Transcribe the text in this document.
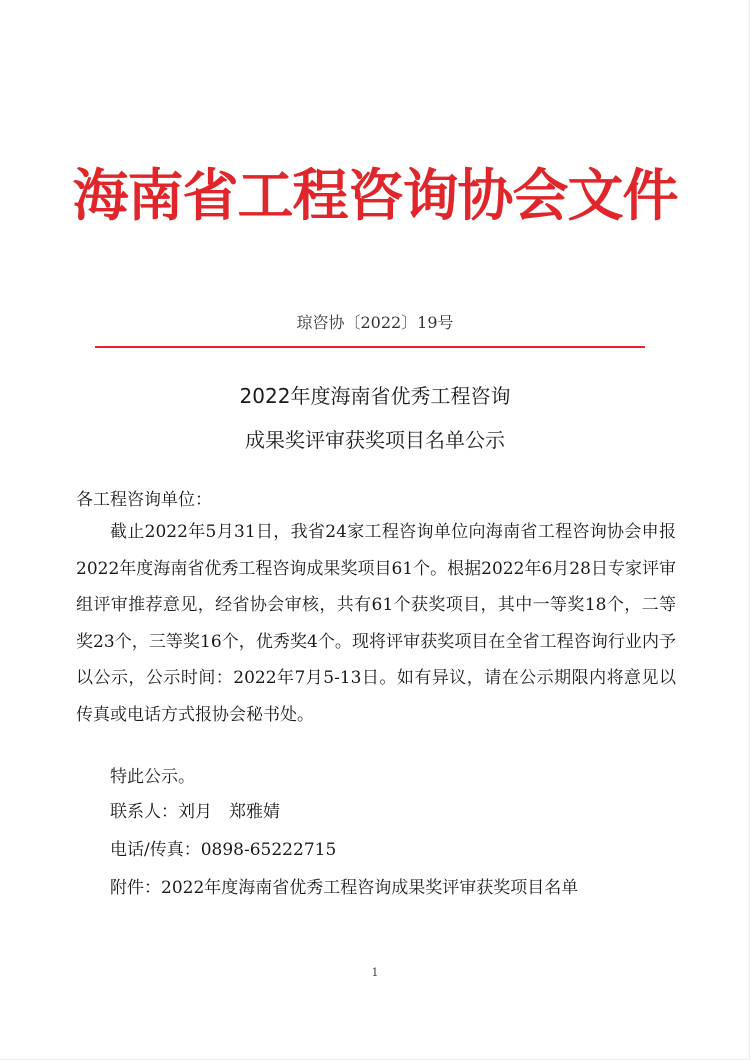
海南省工程咨询协会文件
琼咨协〔2022〕19号
2022年度海南省优秀工程咨询
成果奖评审获奖项目名单公示
各工程咨询单位：
截止2022年5月31日，我省24家工程咨询单位向海南省工程咨询协会申报2022年度海南省优秀工程咨询成果奖项目61个。根据2022年6月28日专家评审组评审推荐意见，经省协会审核，共有61个获奖项目，其中一等奖18个，二等奖23个，三等奖16个，优秀奖4个。现将评审获奖项目在全省工程咨询行业内予以公示，公示时间：2022年7月5-13日。如有异议，请在公示期限内将意见以传真或电话方式报协会秘书处。
特此公示。
联系人：刘月　郑雅婧
电话/传真：0898-65222715
附件：2022年度海南省优秀工程咨询成果奖评审获奖项目名单
1
